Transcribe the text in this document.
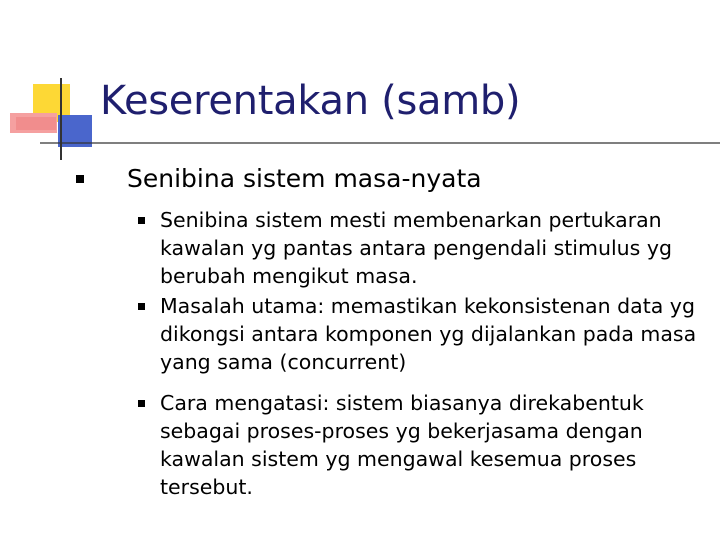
Keserentakan (samb)
Senibina sistem masa-nyata
Senibina sistem mesti membenarkan pertukaran kawalan yg pantas antara pengendali stimulus yg berubah mengikut masa.
Masalah utama: memastikan kekonsistenan data yg dikongsi antara komponen yg dijalankan pada masa yang sama (concurrent)
Cara mengatasi: sistem biasanya direkabentuk sebagai proses-proses yg bekerjasama dengan kawalan sistem yg mengawal kesemua proses tersebut.
